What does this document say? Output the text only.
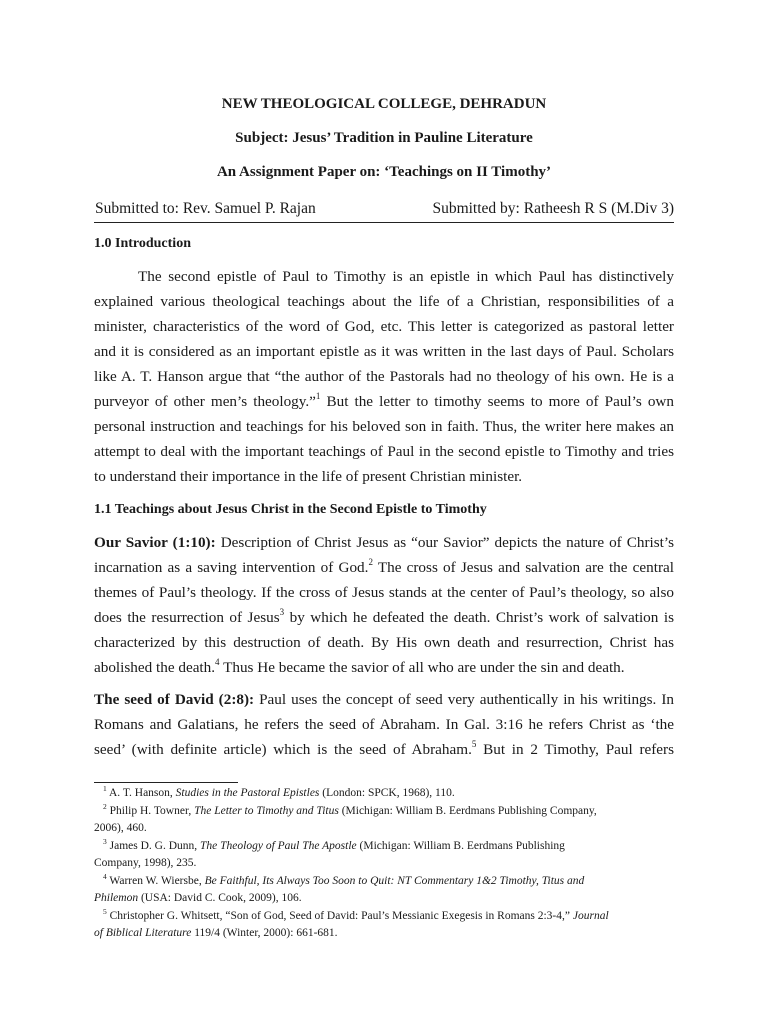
NEW THEOLOGICAL COLLEGE, DEHRADUN
Subject: Jesus’ Tradition in Pauline Literature
An Assignment Paper on: ‘Teachings on II Timothy’
Submitted to: Rev. Samuel P. Rajan	Submitted by: Ratheesh R S (M.Div 3)
1.0 Introduction
The second epistle of Paul to Timothy is an epistle in which Paul has distinctively
explained various theological teachings about the life of a Christian, responsibilities of a
minister, characteristics of the word of God, etc. This letter is categorized as pastoral letter
and it is considered as an important epistle as it was written in the last days of Paul. Scholars
like A. T. Hanson argue that “the author of the Pastorals had no theology of his own. He is a
purveyor of other men’s theology.”$^1$ But the letter to timothy seems to more of Paul’s own
personal instruction and teachings for his beloved son in faith. Thus, the writer here makes an
attempt to deal with the important teachings of Paul in the second epistle to Timothy and tries
to understand their importance in the life of present Christian minister.
1.1 Teachings about Jesus Christ in the Second Epistle to Timothy
Our Savior (1:10): Description of Christ Jesus as “our Savior” depicts the nature of Christ’s
incarnation as a saving intervention of God.$^2$ The cross of Jesus and salvation are the central
themes of Paul’s theology. If the cross of Jesus stands at the center of Paul’s theology, so also
does the resurrection of Jesus$^3$ by which he defeated the death. Christ’s work of salvation is
characterized by this destruction of death. By His own death and resurrection, Christ has
abolished the death.$^4$ Thus He became the savior of all who are under the sin and death.
The seed of David (2:8): Paul uses the concept of seed very authentically in his writings. In
Romans and Galatians, he refers the seed of Abraham. In Gal. 3:16 he refers Christ as ‘the
seed’ (with definite article) which is the seed of Abraham.$^5$ But in 2 Timothy, Paul refers
$^1$ A. T. Hanson, Studies in the Pastoral Epistles (London: SPCK, 1968), 110.
$^2$ Philip H. Towner, The Letter to Timothy and Titus (Michigan: William B. Eerdmans Publishing Company,
2006), 460.
$^3$ James D. G. Dunn, The Theology of Paul The Apostle (Michigan: William B. Eerdmans Publishing
Company, 1998), 235.
$^4$ Warren W. Wiersbe, Be Faithful, Its Always Too Soon to Quit: NT Commentary 1&2 Timothy, Titus and
Philemon (USA: David C. Cook, 2009), 106.
$^5$ Christopher G. Whitsett, “Son of God, Seed of David: Paul’s Messianic Exegesis in Romans 2:3-4,” Journal
of Biblical Literature 119/4 (Winter, 2000): 661-681.
